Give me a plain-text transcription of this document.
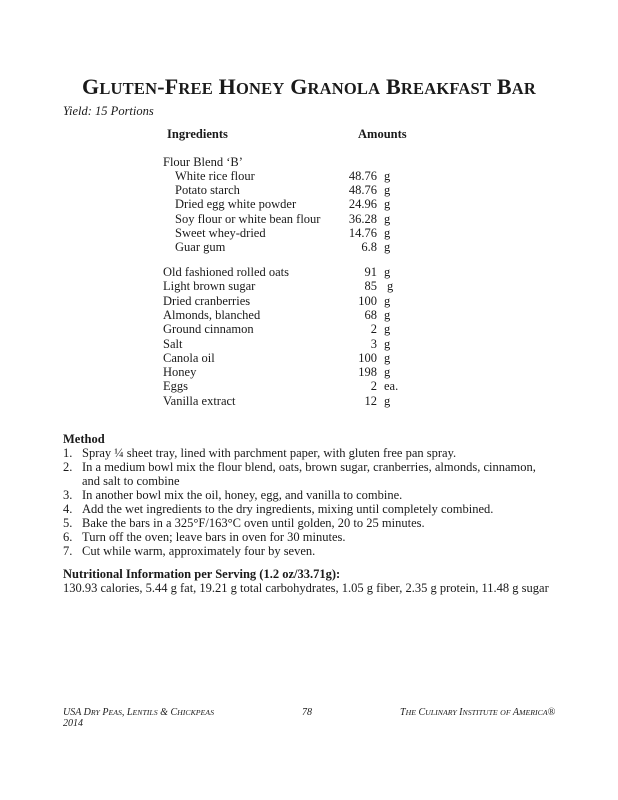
GLUTEN-FREE HONEY GRANOLA BREAKFAST BAR
Yield: 15 Portions
Ingredients	Amounts
Flour Blend ‘B’
White rice flour	48.76 g
Potato starch	48.76 g
Dried egg white powder	24.96 g
Soy flour or white bean flour	36.28 g
Sweet whey-dried	14.76 g
Guar gum	6.8 g
Old fashioned rolled oats	91 g
Light brown sugar	85 g
Dried cranberries	100 g
Almonds, blanched	68 g
Ground cinnamon	2 g
Salt	3 g
Canola oil	100 g
Honey	198 g
Eggs	2 ea.
Vanilla extract	12 g
Method
1. Spray ¼ sheet tray, lined with parchment paper, with gluten free pan spray.
2. In a medium bowl mix the flour blend, oats, brown sugar, cranberries, almonds, cinnamon, and salt to combine
3. In another bowl mix the oil, honey, egg, and vanilla to combine.
4. Add the wet ingredients to the dry ingredients, mixing until completely combined.
5. Bake the bars in a 325°F/163°C oven until golden, 20 to 25 minutes.
6. Turn off the oven; leave bars in oven for 30 minutes.
7. Cut while warm, approximately four by seven.
Nutritional Information per Serving (1.2 oz/33.71g):
130.93 calories, 5.44 g fat, 19.21 g total carbohydrates, 1.05 g fiber, 2.35 g protein, 11.48 g sugar
USA DRY PEAS, LENTILS & CHICKPEAS
2014
78	THE CULINARY INSTITUTE OF AMERICA®
